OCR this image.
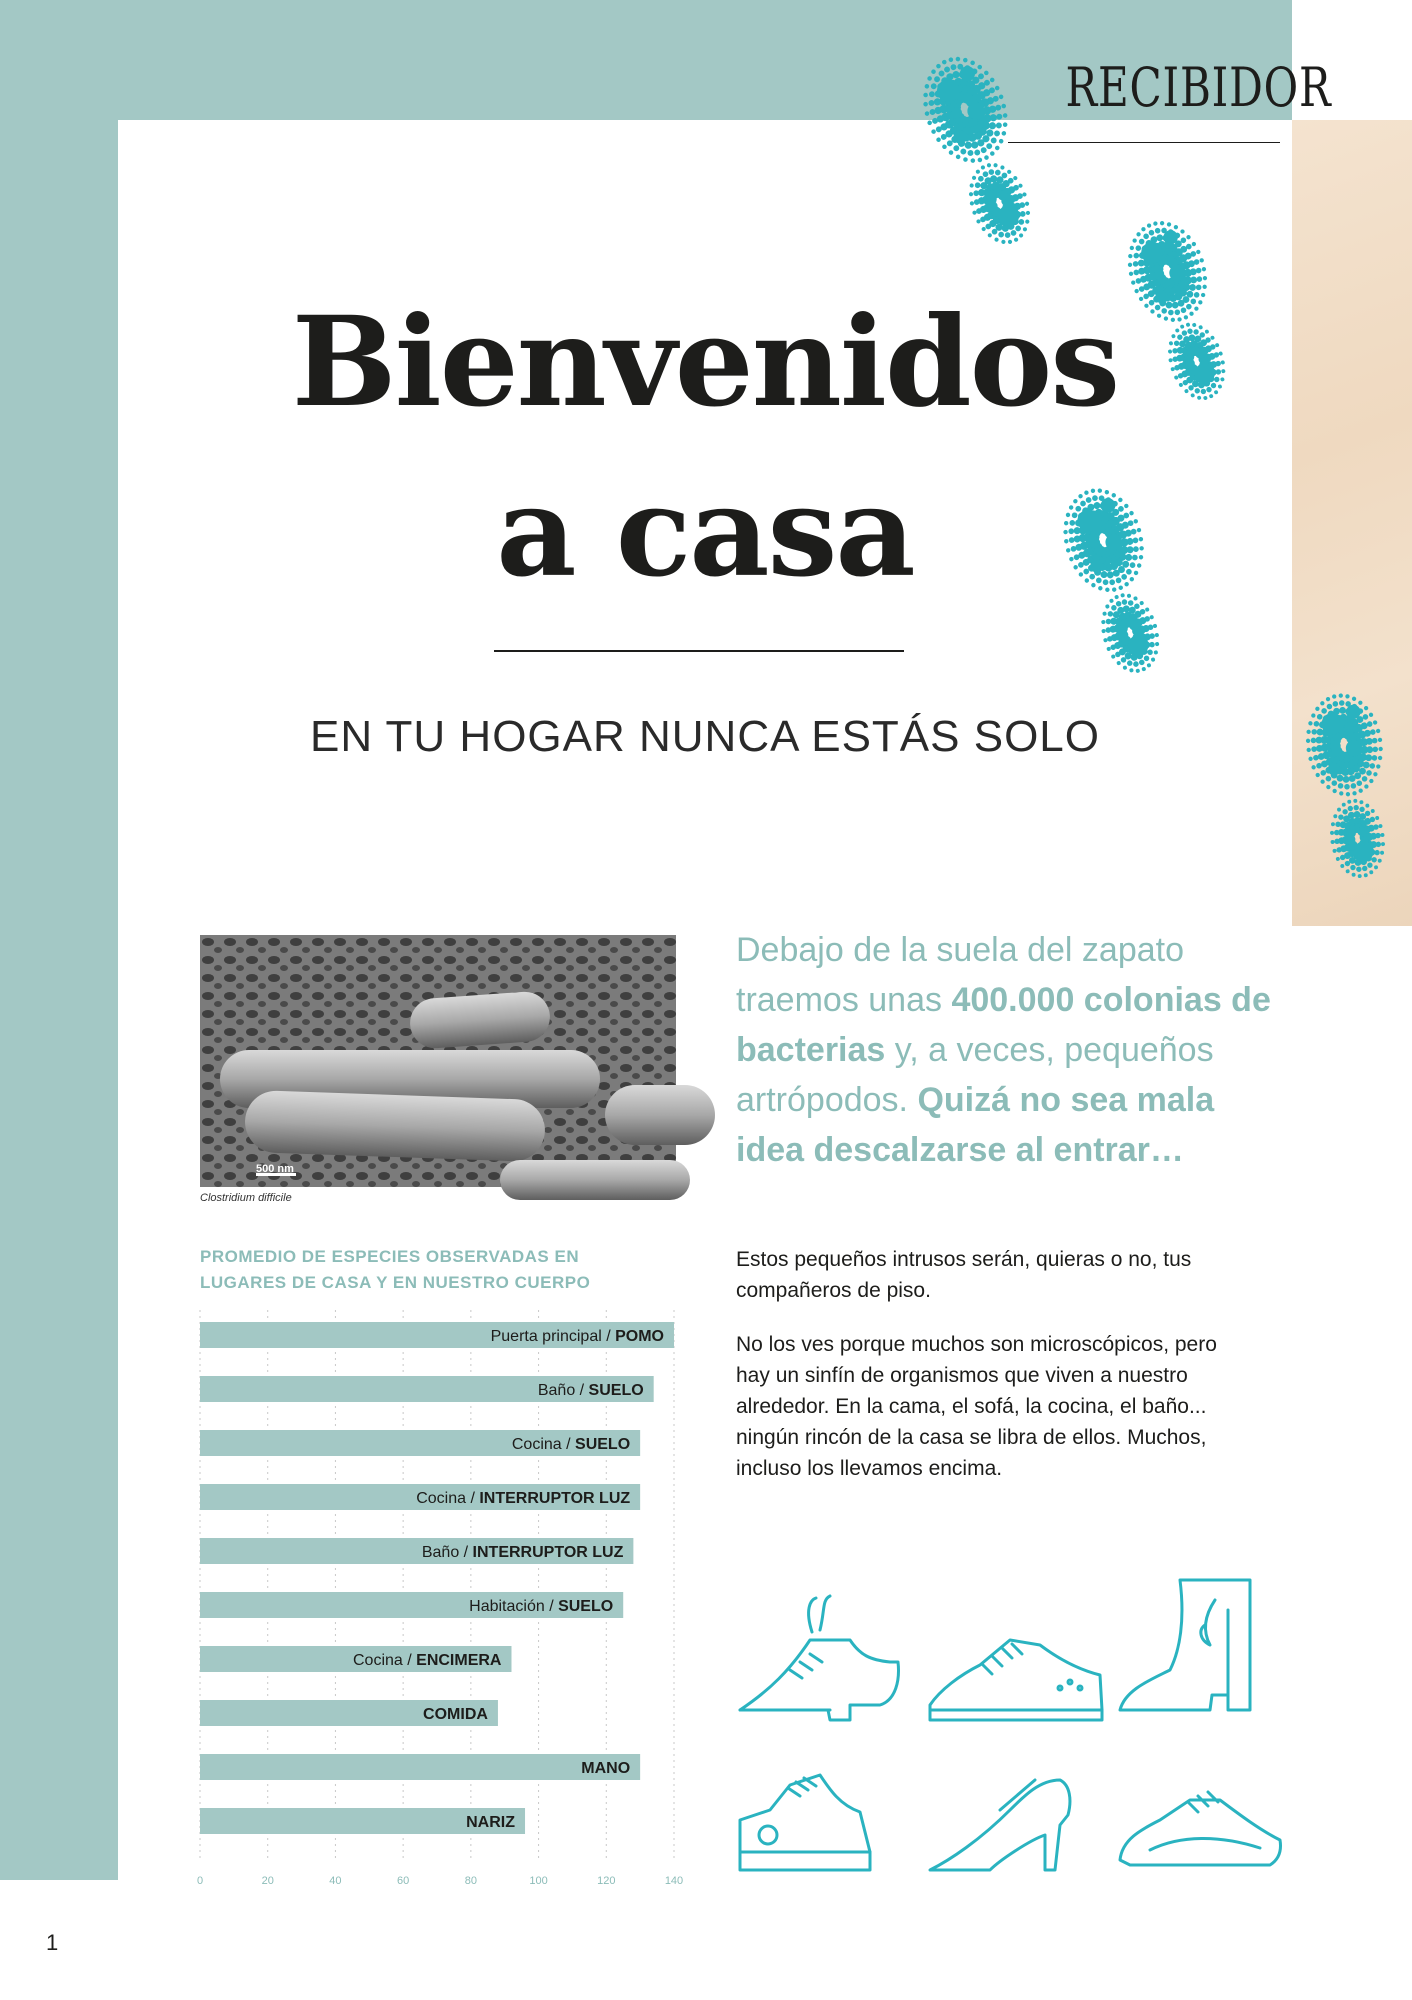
RECIBIDOR
Bienvenidos
a casa
EN TU HOGAR NUNCA ESTÁS SOLO
500 nm
Clostridium difficile
Debajo de la suela del zapato traemos unas 400.000 colonias de bacterias y, a veces, pequeños artrópodos. Quizá no sea mala idea descalzarse al entrar…
PROMEDIO DE ESPECIES OBSERVADAS EN LUGARES DE CASA Y EN NUESTRO CUERPO
0	20	40	60	80	100	120	140
Puerta principal / POMO
Baño / SUELO
Cocina / SUELO
Cocina / INTERRUPTOR LUZ
Baño / INTERRUPTOR LUZ
Habitación / SUELO
Cocina / ENCIMERA
COMIDA
MANO
NARIZ

Estos pequeños intrusos serán, quieras o no, tus compañeros de piso.

No los ves porque muchos son microscópicos, pero hay un sinfín de organismos que viven a nuestro alrededor. En la cama, el sofá, la cocina, el baño... ningún rincón de la casa se libra de ellos. Muchos, incluso los llevamos encima.

1
